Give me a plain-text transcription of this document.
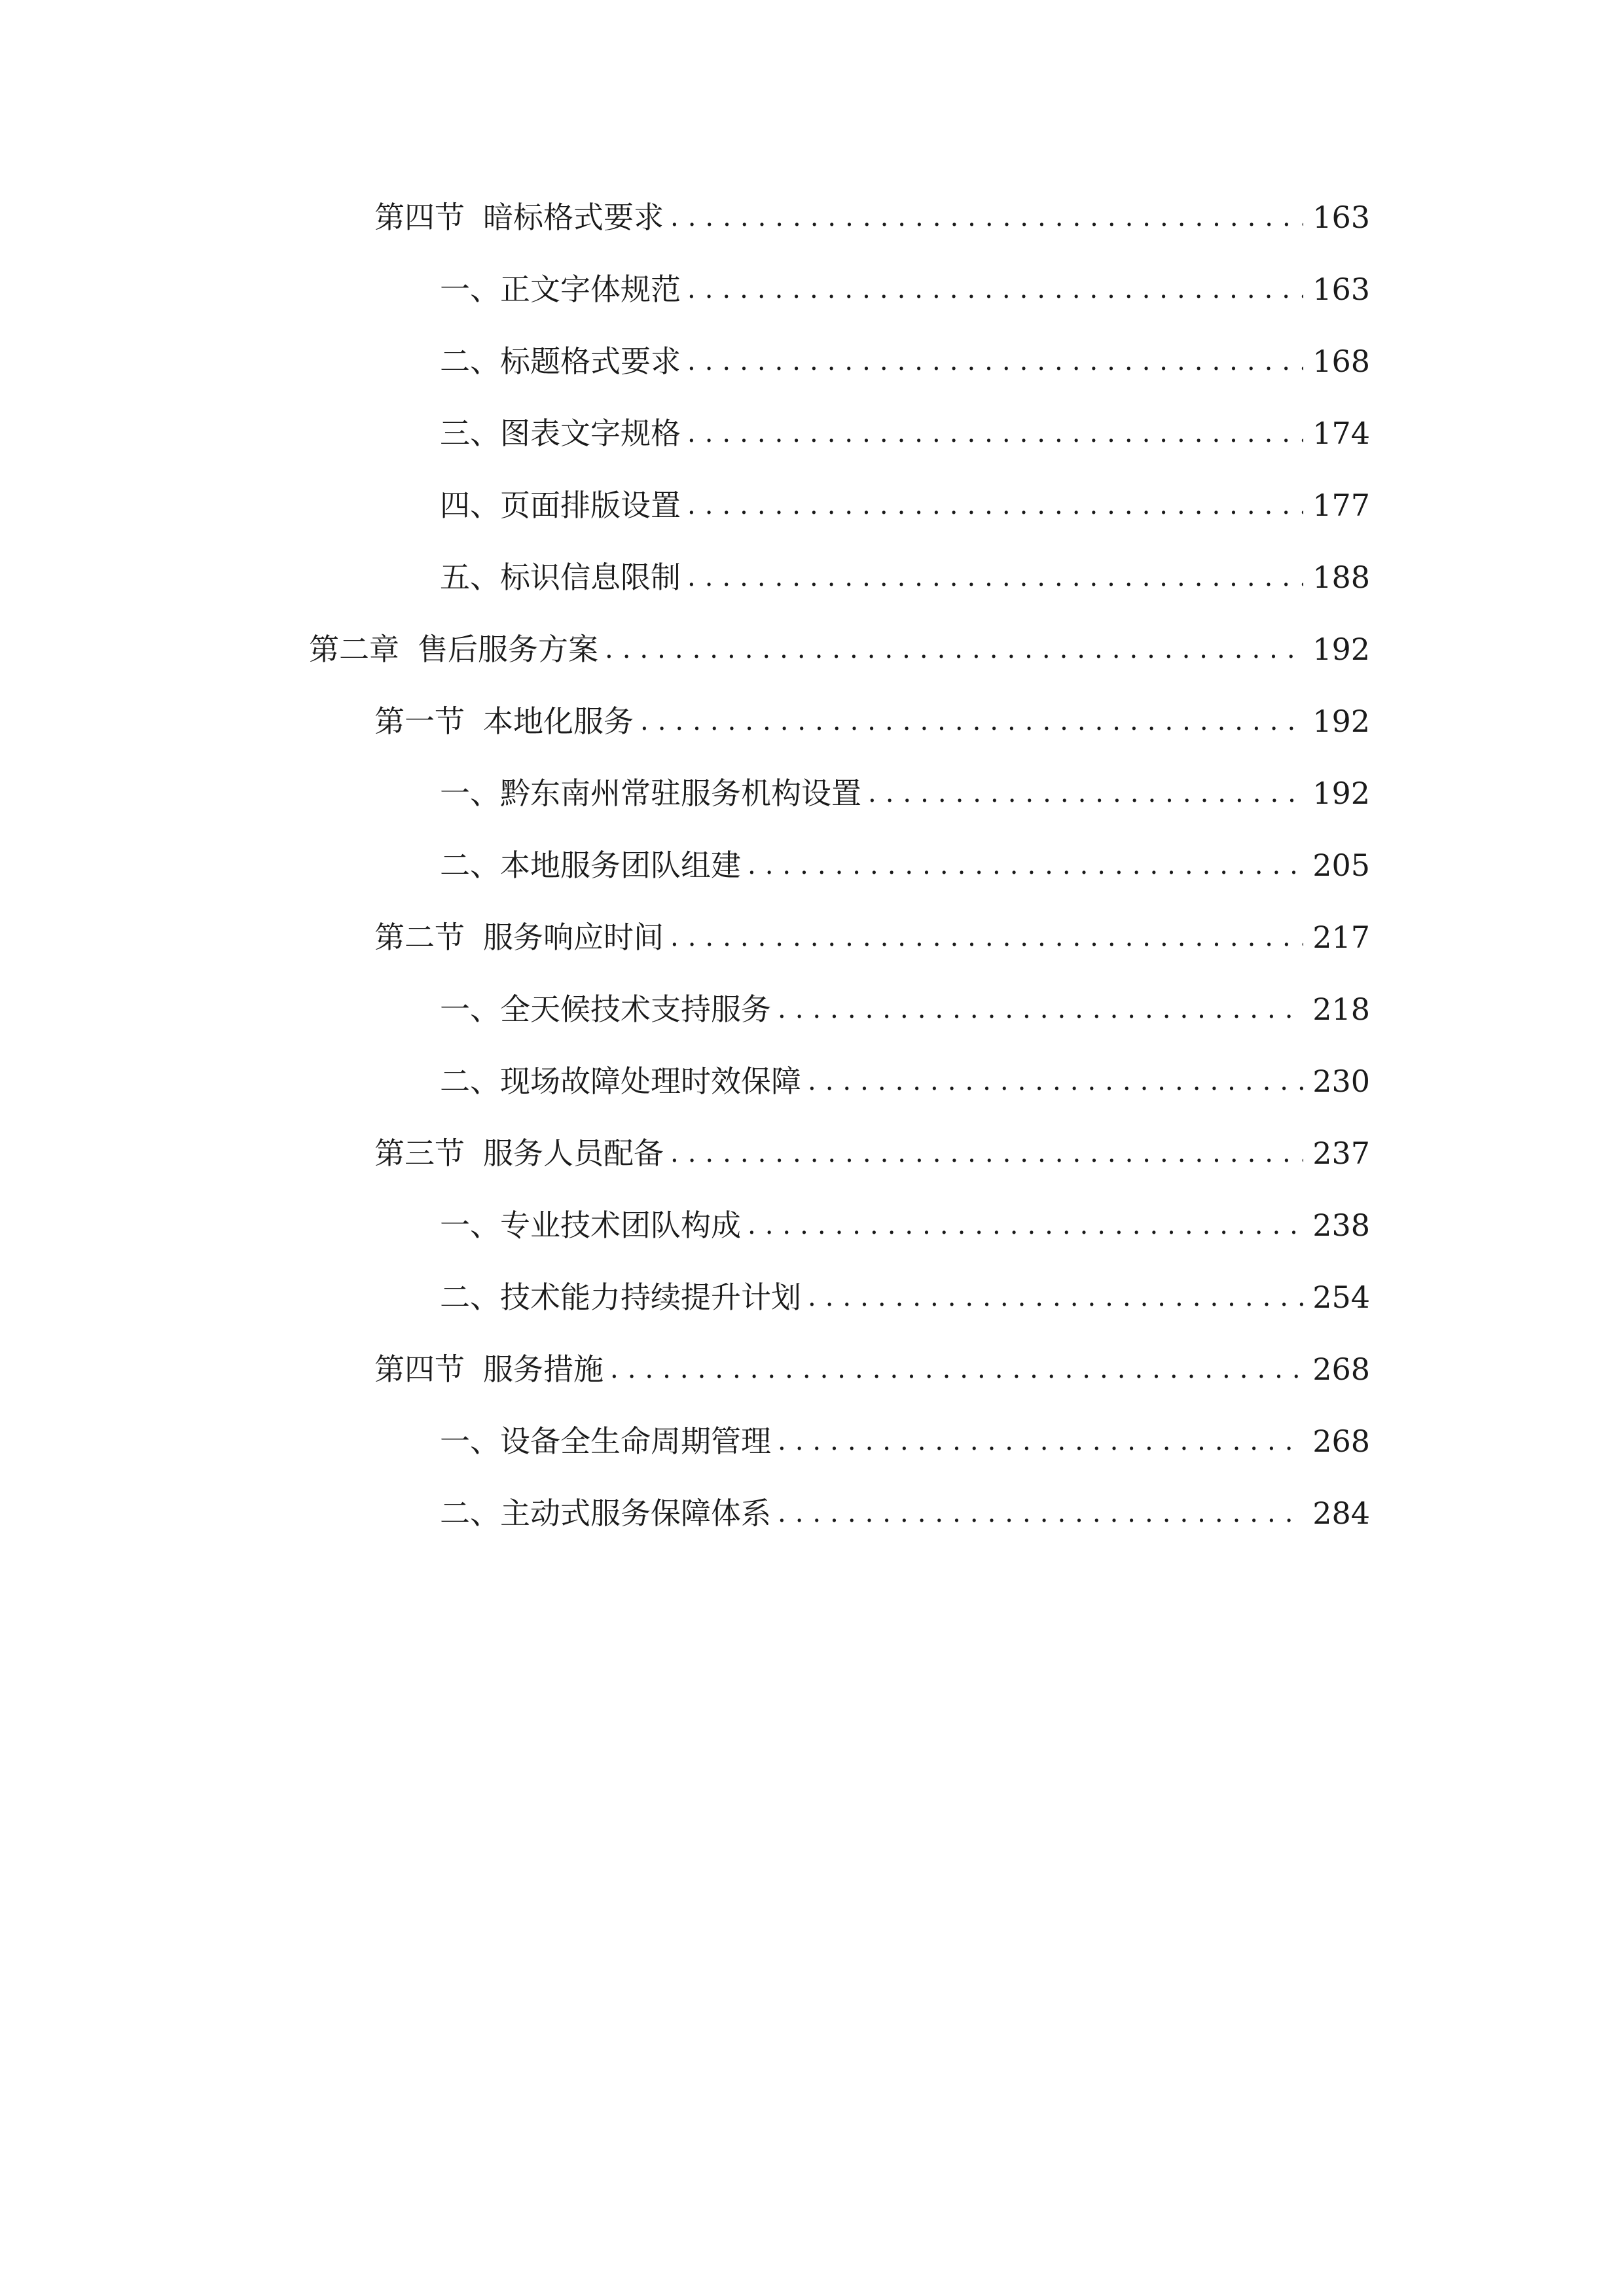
第四节 暗标格式要求 .....	163
一、 正文字体规范 .....	163
二、 标题格式要求 .....	168
三、 图表文字规格 .....	174
四、 页面排版设置 .....	177
五、 标识信息限制 .....	188
第二章 售后服务方案 .....	192
第一节 本地化服务 .....	192
一、 黔东南州常驻服务机构设置 .....	192
二、 本地服务团队组建 .....	205
第二节 服务响应时间 .....	217
一、 全天候技术支持服务 .....	218
二、 现场故障处理时效保障 .....	230
第三节 服务人员配备 .....	237
一、 专业技术团队构成 .....	238
二、 技术能力持续提升计划 .....	254
第四节 服务措施 .....	268
一、 设备全生命周期管理 .....	268
二、 主动式服务保障体系 .....	284
